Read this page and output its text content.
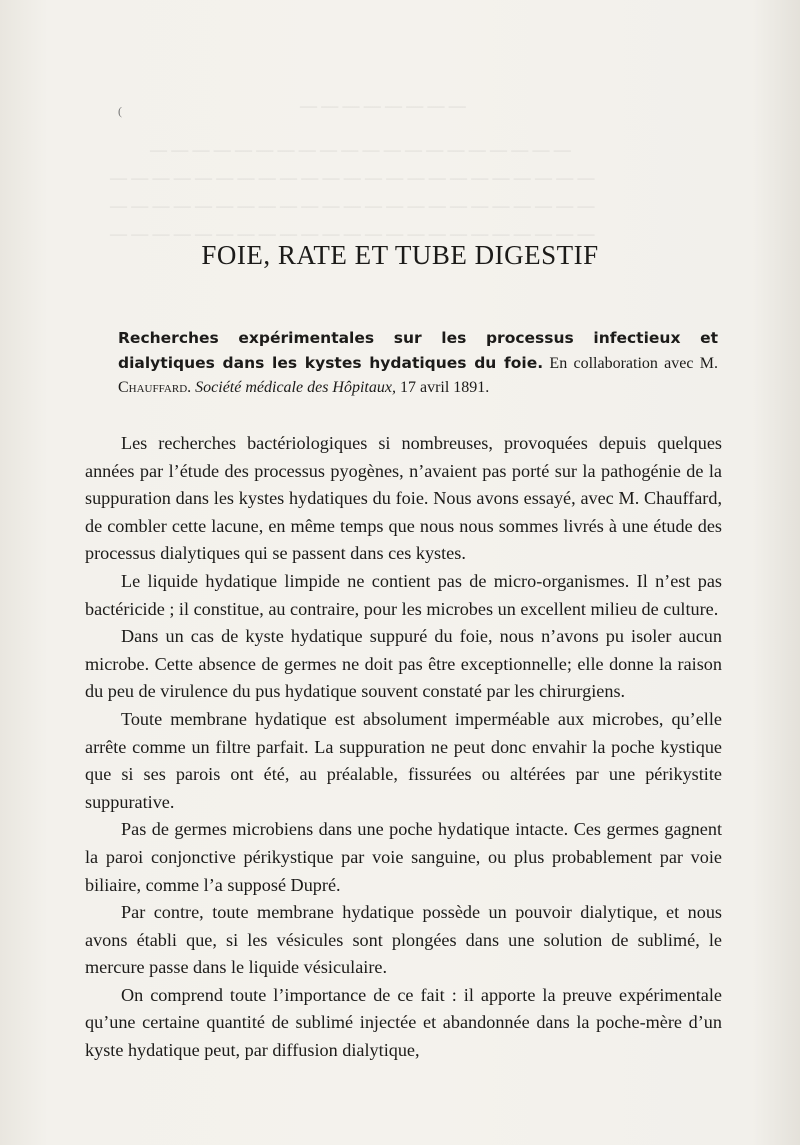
— — — — — — — —
— — — — — — — — — — — — — — — — — — — —
— — — — — — — — — — — — — — — — — — — — — — —
— — — — — — — — — — — — — — — — — — — — — — —
— — — — — — — — — — — — — — — — — — — — — — —
(
FOIE, RATE ET TUBE DIGESTIF

Recherches expérimentales sur les processus infectieux et dialytiques dans les kystes hydatiques du foie. En collaboration avec M. Chauffard. Société médicale des Hôpitaux, 17 avril 1891.

Les recherches bactériologiques si nombreuses, provoquées depuis quelques années par l’étude des processus pyogènes, n’avaient pas porté sur la pathogénie de la suppuration dans les kystes hydatiques du foie. Nous avons essayé, avec M. Chauffard, de combler cette lacune, en même temps que nous nous sommes livrés à une étude des processus dialytiques qui se passent dans ces kystes.

Le liquide hydatique limpide ne contient pas de micro-organismes. Il n’est pas bactéricide ; il constitue, au contraire, pour les microbes un excellent milieu de culture.

Dans un cas de kyste hydatique suppuré du foie, nous n’avons pu isoler aucun microbe. Cette absence de germes ne doit pas être exceptionnelle; elle donne la raison du peu de virulence du pus hydatique souvent constaté par les chirurgiens.

Toute membrane hydatique est absolument imperméable aux microbes, qu’elle arrête comme un filtre parfait. La suppuration ne peut donc envahir la poche kystique que si ses parois ont été, au préalable, fissurées ou altérées par une périkystite suppurative.

Pas de germes microbiens dans une poche hydatique intacte. Ces germes gagnent la paroi conjonctive périkystique par voie sanguine, ou plus probablement par voie biliaire, comme l’a supposé Dupré.

Par contre, toute membrane hydatique possède un pouvoir dialytique, et nous avons établi que, si les vésicules sont plongées dans une solution de sublimé, le mercure passe dans le liquide vésiculaire.

On comprend toute l’importance de ce fait : il apporte la preuve expérimentale qu’une certaine quantité de sublimé injectée et abandonnée dans la poche-mère d’un kyste hydatique peut, par diffusion dialytique,
